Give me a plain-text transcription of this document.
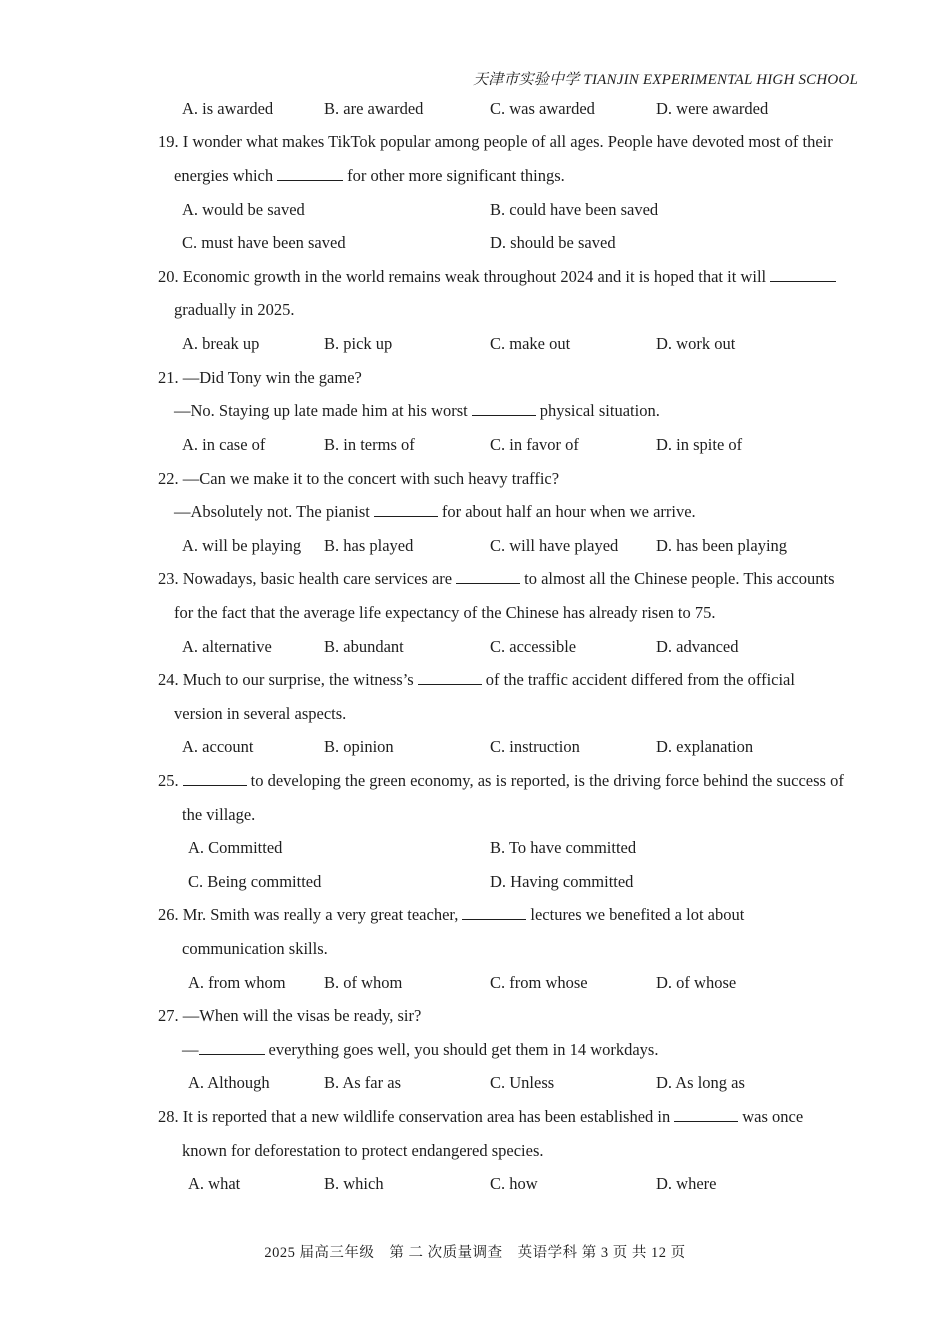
天津市实验中学 TIANJIN EXPERIMENTAL HIGH SCHOOL
A. is awarded	B. are awarded	C. was awarded	D. were awarded
19. I wonder what makes TikTok popular among people of all ages. People have devoted most of their
energies which	for other more significant things.
A. would be saved	B. could have been saved
C. must have been saved	D. should be saved
20. Economic growth in the world remains weak throughout 2024 and it is hoped that it will
gradually in 2025.
A. break up	B. pick up	C. make out	D. work out
21. —Did Tony win the game?
—No. Staying up late made him at his worst	physical situation.
A. in case of	B. in terms of	C. in favor of	D. in spite of
22. —Can we make it to the concert with such heavy traffic?
—Absolutely not. The pianist	for about half an hour when we arrive.
A. will be playing B. has played	C. will have played D. has been playing
23. Nowadays, basic health care services are	to almost all the Chinese people. This accounts
for the fact that the average life expectancy of the Chinese has already risen to 75.
A. alternative	B. abundant	C. accessible	D. advanced
24. Much to our surprise, the witness’s	of the traffic accident differed from the official
version in several aspects.
A. account	B. opinion	C. instruction	D. explanation
25.	to developing the green economy, as is reported, is the driving force behind the success of
the village.
A. Committed	B. To have committed
C. Being committed	D. Having committed
26. Mr. Smith was really a very great teacher,	lectures we benefited a lot about
communication skills.
A. from whom B. of whom	C. from whose	D. of whose
27. —When will the visas be ready, sir?
—	everything goes well, you should get them in 14 workdays.
A. Although	B. As far as	C. Unless	D. As long as
28. It is reported that a new wildlife conservation area has been established in	was once
known for deforestation to protect endangered species.
A. what	B. which	C. how	D. where
2025 届高三年级　第 二 次质量调查　英语学科 第 3 页 共 12 页
